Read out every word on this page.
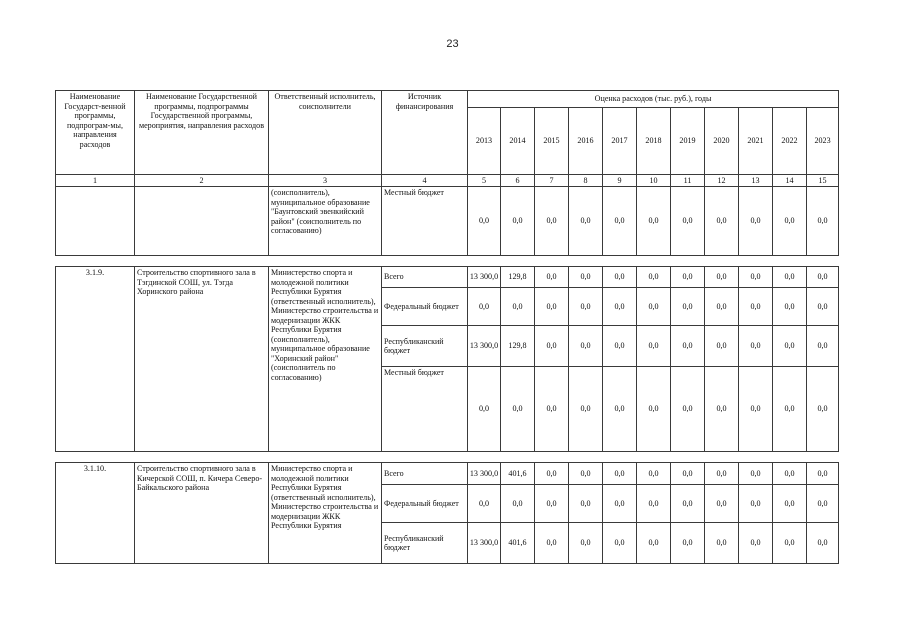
23
Наименование Государст-венной программы, подпрограм-мы, направления расходов	Наименование Государственной программы, подпрограммы Государственной программы, мероприятия, направления расходов	Ответственный исполнитель, соисполнители	Источник финансирования	Оценка расходов (тыс. руб.), годы										
				2013	2014	2015	2016	2017	2018	2019	2020	2021	2022	2023
1	2	3	4	5	6	7	8	9	10	11	12	13	14	15
		(соисполнитель), муниципальное образование "Баунтовский эвенкийский район" (соисполнитель по согласованию)	Местный бюджет	0,0	0,0	0,0	0,0	0,0	0,0	0,0	0,0	0,0	0,0	0,0

3.1.9.	Строительство спортивного зала в Тэгдинской СОШ, ул. Тэгда Хоринского района	Министерство спорта и молодежной политики Республики Бурятия (ответственный исполнитель), Министерство строительства и модернизации ЖКК Республики Бурятия (соисполнитель), муниципальное образование "Хоринский район" (соисполнитель по согласованию)	Всего	13 300,0	129,8	0,0	0,0	0,0	0,0	0,0	0,0	0,0	0,0	0,0
			Федеральный бюджет	0,0	0,0	0,0	0,0	0,0	0,0	0,0	0,0	0,0	0,0	0,0
			Республиканский бюджет	13 300,0	129,8	0,0	0,0	0,0	0,0	0,0	0,0	0,0	0,0	0,0
			Местный бюджет	0,0	0,0	0,0	0,0	0,0	0,0	0,0	0,0	0,0	0,0	0,0

3.1.10.	Строительство спортивного зала в Кичерской СОШ, п. Кичера Северо-Байкальского района	Министерство спорта и молодежной политики Республики Бурятия (ответственный исполнитель), Министерство строительства и модернизации ЖКК Республики Бурятия	Всего	13 300,0	401,6	0,0	0,0	0,0	0,0	0,0	0,0	0,0	0,0	0,0
			Федеральный бюджет	0,0	0,0	0,0	0,0	0,0	0,0	0,0	0,0	0,0	0,0	0,0
			Республиканский бюджет	13 300,0	401,6	0,0	0,0	0,0	0,0	0,0	0,0	0,0	0,0	0,0
